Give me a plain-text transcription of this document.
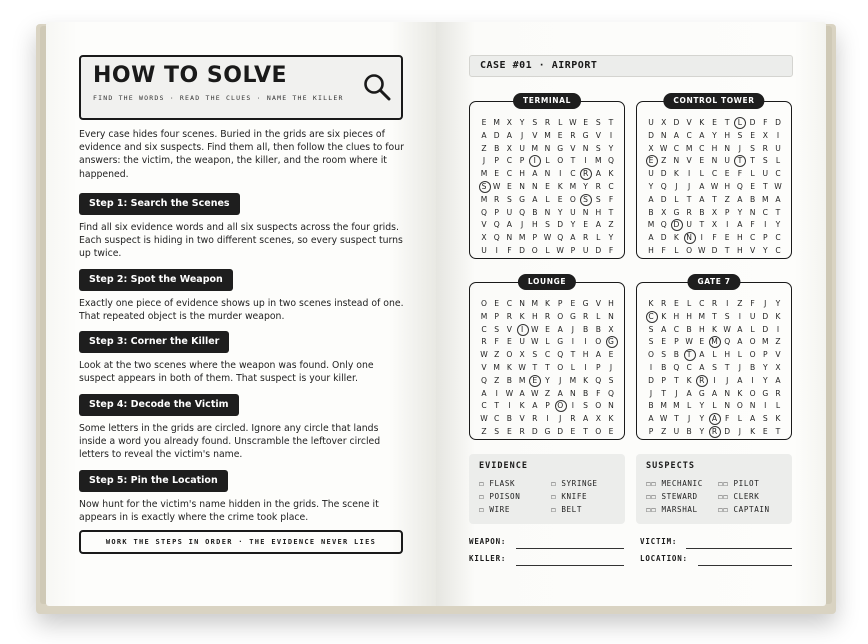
HOW TO SOLVE
FIND THE WORDS · READ THE CLUES · NAME THE KILLER
Every case hides four scenes. Buried in the grids are six pieces of evidence and six suspects. Find them all, then follow the clues to four answers: the victim, the weapon, the killer, and the room where it happened.
Step 1: Search the Scenes
Find all six evidence words and all six suspects across the four grids. Each suspect is hiding in two different scenes, so every suspect turns up twice.
Step 2: Spot the Weapon
Exactly one piece of evidence shows up in two scenes instead of one. That repeated object is the murder weapon.
Step 3: Corner the Killer
Look at the two scenes where the weapon was found. Only one suspect appears in both of them. That suspect is your killer.
Step 4: Decode the Victim
Some letters in the grids are circled. Ignore any circle that lands inside a word you already found. Unscramble the leftover circled letters to reveal the victim's name.
Step 5: Pin the Location
Now hunt for the victim's name hidden in the grids. The scene it appears in is exactly where the crime took place.
WORK THE STEPS IN ORDER · THE EVIDENCE NEVER LIES
CASE #01 · AIRPORT
TERMINAL
E M X	Y	S	R	L W E	S	T
A D A	J	V M E	R G V	I
Z B X U M N G V N S	Y
J	P	C	P	I	L O T	I	M Q
M E	C H A N	I	C R A	K
S W E N N E	K M Y	R C
M R	S G A	L	E O S	S	F
Q P	U Q B N Y	U N H T
V Q A	J	H S D Y	E	A Z
X Q N M P W Q A R	L	Y
U	I	F D O L W P	U D F
CONTROL TOWER
U X D V	K	E	T	L	D F D
D N A C A	Y H S	E	X	I
X W C M C H N	J	S	R U
E	Z N V	E N U T	T	S	L
U D K	I	L	C	E	F	L	U C
Y Q	J	J	A W H Q E	T W
A D	L	T	A	T	Z A B M A
B X G R B X	P	Y N C	T
M Q D U T	X	I	A	F	I	Y
A D K N	I	F	E H C	P	C
H	F	L O W D T H V	Y	C
LOUNGE
O E	C N M K	P	E G V H
M P	R K H R O G R	L	N
C	S	V	I	W E	A	J	B B X
R	F	E U W L	G	I	I	O G
W Z O X	S	C Q T H A	E
V M K W T	T O L	I	P	J
Q Z B M E	Y	J	M K Q S
A	I	W A W Z A N B	F Q
C	T	I	K	A	P O	I	S O N
W C B V R	I	J	R A X	K
Z	S	E	R D G D E	T O E
GATE 7
K R	E	L	C R	I	Z	F	J	Y
C K H H M T	S	I	U D K
S	A C B H K W A	L	D	I
S	E	P W E M Q A O M Z
O S	B	T	A	L	H	L O P	V
I	B Q C A	S	T	J	B	Y	X
D P	T	K R	I	J	A	I	Y	A
J	T	J	A G A N K O G R
B M M L	Y	L	N O N	I	L
A W T	J	Y	A	F	L	A	S	K
P	Z U B	Y	R D	J	K	E	T
EVIDENCE
☐ FLASK	☐ SYRINGE
☐ POISON	☐ KNIFE
☐ WIRE	☐ BELT
SUSPECTS
☐☐ MECHANIC ☐☐ PILOT
☐☐ STEWARD	☐☐ CLERK
☐☐ MARSHAL	☐☐ CAPTAIN
WEAPON:
KILLER:
VICTIM:
LOCATION:
